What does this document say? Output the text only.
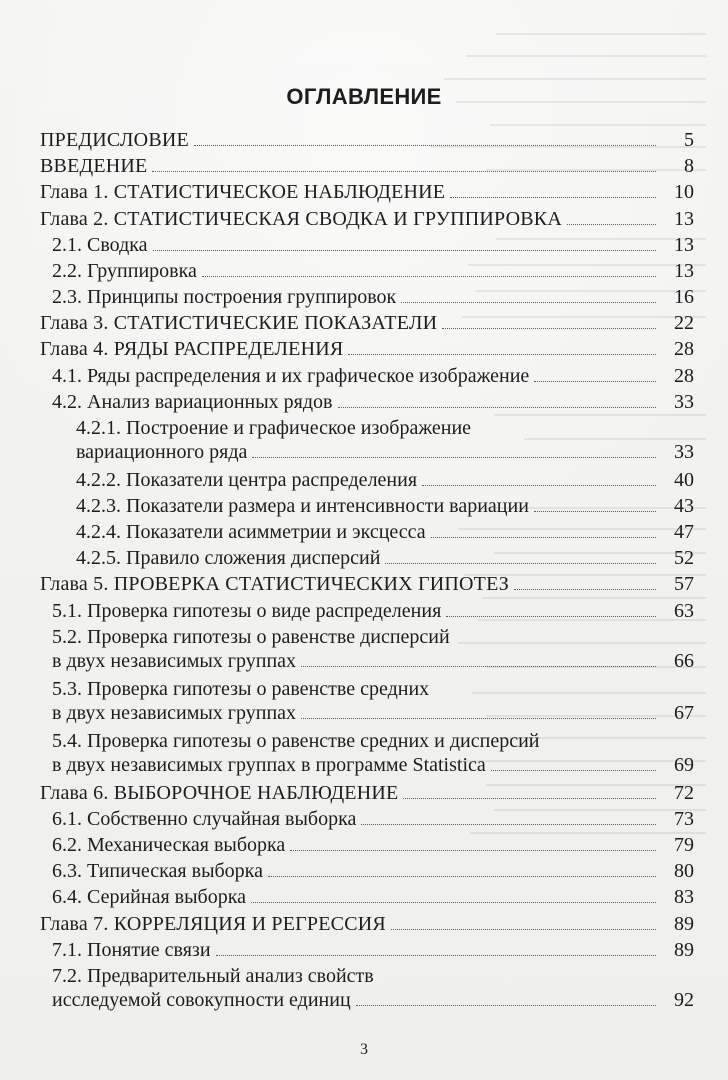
ОГЛАВЛЕНИЕ
ПРЕДИСЛОВИЕ	5
ВВЕДЕНИЕ	8
Глава 1. СТАТИСТИЧЕСКОЕ НАБЛЮДЕНИЕ	10
Глава 2. СТАТИСТИЧЕСКАЯ СВОДКА И ГРУППИРОВКА	13
2.1. Сводка	13
2.2. Группировка	13
2.3. Принципы построения группировок	16
Глава 3. СТАТИСТИЧЕСКИЕ ПОКАЗАТЕЛИ	22
Глава 4. РЯДЫ РАСПРЕДЕЛЕНИЯ	28
4.1. Ряды распределения и их графическое изображение	28
4.2. Анализ вариационных рядов	33
4.2.1. Построение и графическое изображение
вариационного ряда	33
4.2.2. Показатели центра распределения	40
4.2.3. Показатели размера и интенсивности вариации	43
4.2.4. Показатели асимметрии и эксцесса	47
4.2.5. Правило сложения дисперсий	52
Глава 5. ПРОВЕРКА СТАТИСТИЧЕСКИХ ГИПОТЕЗ	57
5.1. Проверка гипотезы о виде распределения	63
5.2. Проверка гипотезы о равенстве дисперсий
в двух независимых группах	66
5.3. Проверка гипотезы о равенстве средних
в двух независимых группах	67
5.4. Проверка гипотезы о равенстве средних и дисперсий
в двух независимых группах в программе Statistica	69
Глава 6. ВЫБОРОЧНОЕ НАБЛЮДЕНИЕ	72
6.1. Собственно случайная выборка	73
6.2. Механическая выборка	79
6.3. Типическая выборка	80
6.4. Серийная выборка	83
Глава 7. КОРРЕЛЯЦИЯ И РЕГРЕССИЯ	89
7.1. Понятие связи	89
7.2. Предварительный анализ свойств
исследуемой совокупности единиц	92
3
